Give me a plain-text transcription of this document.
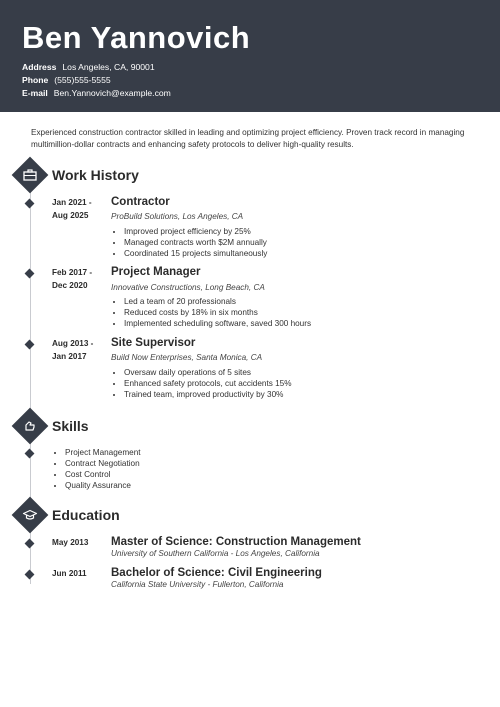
Ben Yannovich
Address Los Angeles, CA, 90001
Phone (555)555-5555
E-mail Ben.Yannovich@example.com
Experienced construction contractor skilled in leading and optimizing project efficiency. Proven track record in managing multimillion-dollar contracts and enhancing safety protocols to deliver high-quality results.
Work History
Jan 2021 -
Aug 2025
Contractor
ProBuild Solutions, Los Angeles, CA
• Improved project efficiency by 25%
• Managed contracts worth $2M annually
• Coordinated 15 projects simultaneously
Feb 2017 -
Dec 2020
Project Manager
Innovative Constructions, Long Beach, CA
• Led a team of 20 professionals
• Reduced costs by 18% in six months
• Implemented scheduling software, saved 300 hours
Aug 2013 -
Jan 2017
Site Supervisor
Build Now Enterprises, Santa Monica, CA
• Oversaw daily operations of 5 sites
• Enhanced safety protocols, cut accidents 15%
• Trained team, improved productivity by 30%
Skills
• Project Management
• Contract Negotiation
• Cost Control
• Quality Assurance
Education
May 2013	Master of Science: Construction Management
University of Southern California - Los Angeles, California
Jun 2011	Bachelor of Science: Civil Engineering
California State University - Fullerton, California
